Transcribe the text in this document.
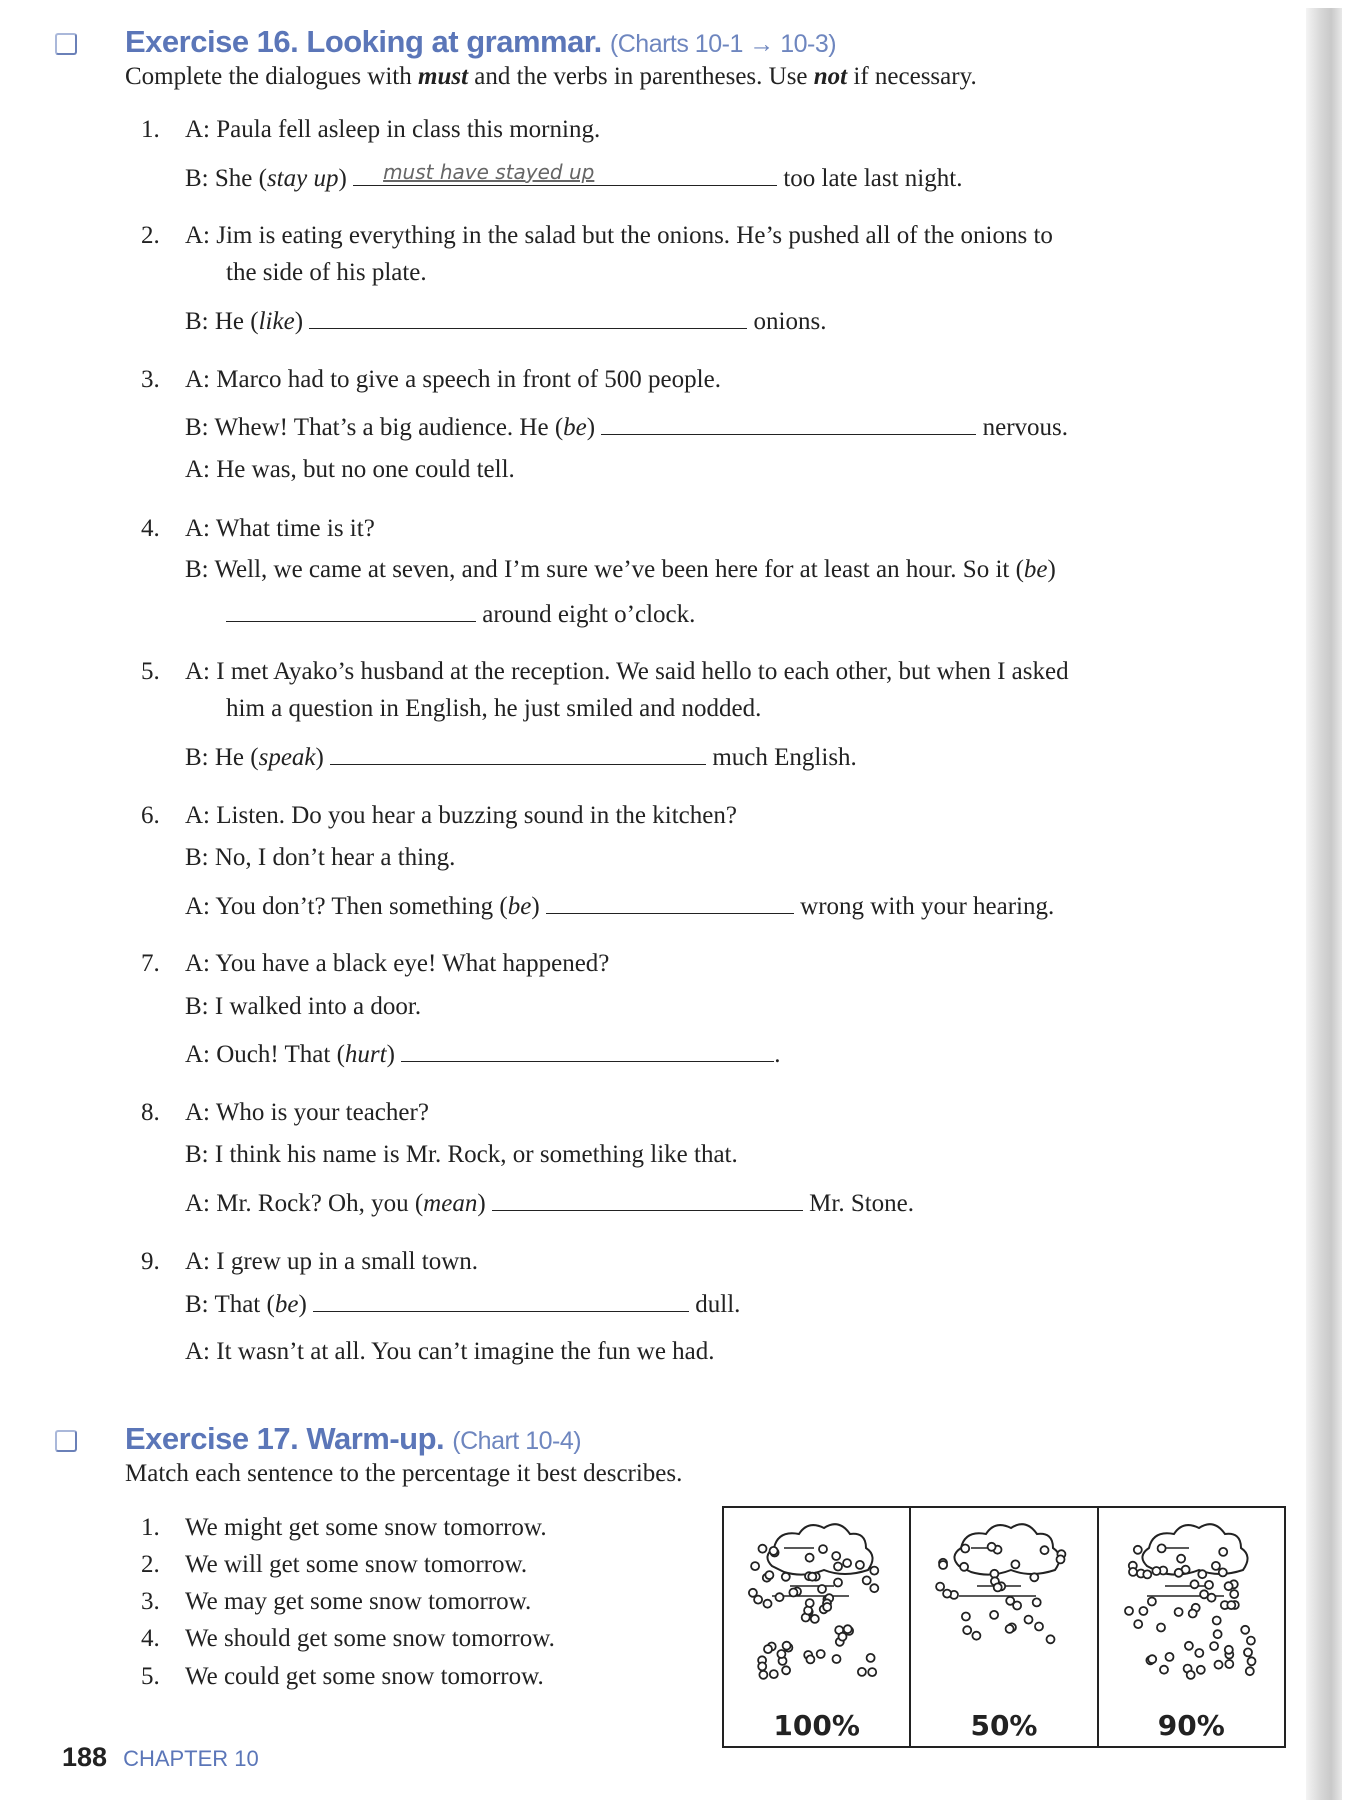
Exercise 16. Looking at grammar. (Charts 10-1 → 10-3)
Complete the dialogues with must and the verbs in parentheses. Use not if necessary.
1. A: Paula fell asleep in class this morning.
B: She (stay up) must have stayed up	too late last night.
2. A: Jim is eating everything in the salad but the onions. He’s pushed all of the onions to
the side of his plate.
B: He (like)	onions.
3. A: Marco had to give a speech in front of 500 people.
B: Whew! That’s a big audience. He (be)	nervous.
A: He was, but no one could tell.
4. A: What time is it?
B: Well, we came at seven, and I’m sure we’ve been here for at least an hour. So it (be)
around eight o’clock.
5. A: I met Ayako’s husband at the reception. We said hello to each other, but when I asked
him a question in English, he just smiled and nodded.
B: He (speak)	much English.
6. A: Listen. Do you hear a buzzing sound in the kitchen?
B: No, I don’t hear a thing.
A: You don’t? Then something (be)	wrong with your hearing.
7. A: You have a black eye! What happened?
B: I walked into a door.
A: Ouch! That (hurt)	.
8. A: Who is your teacher?
B: I think his name is Mr. Rock, or something like that.
A: Mr. Rock? Oh, you (mean)	Mr. Stone.
9. A: I grew up in a small town.
B: That (be)	dull.
A: It wasn’t at all. You can’t imagine the fun we had.
Exercise 17. Warm-up. (Chart 10-4)
Match each sentence to the percentage it best describes.
1. We might get some snow tomorrow.
2. We will get some snow tomorrow.
3. We may get some snow tomorrow.
4. We should get some snow tomorrow.
5. We could get some snow tomorrow.
100%	50%	90%
188 CHAPTER 10
